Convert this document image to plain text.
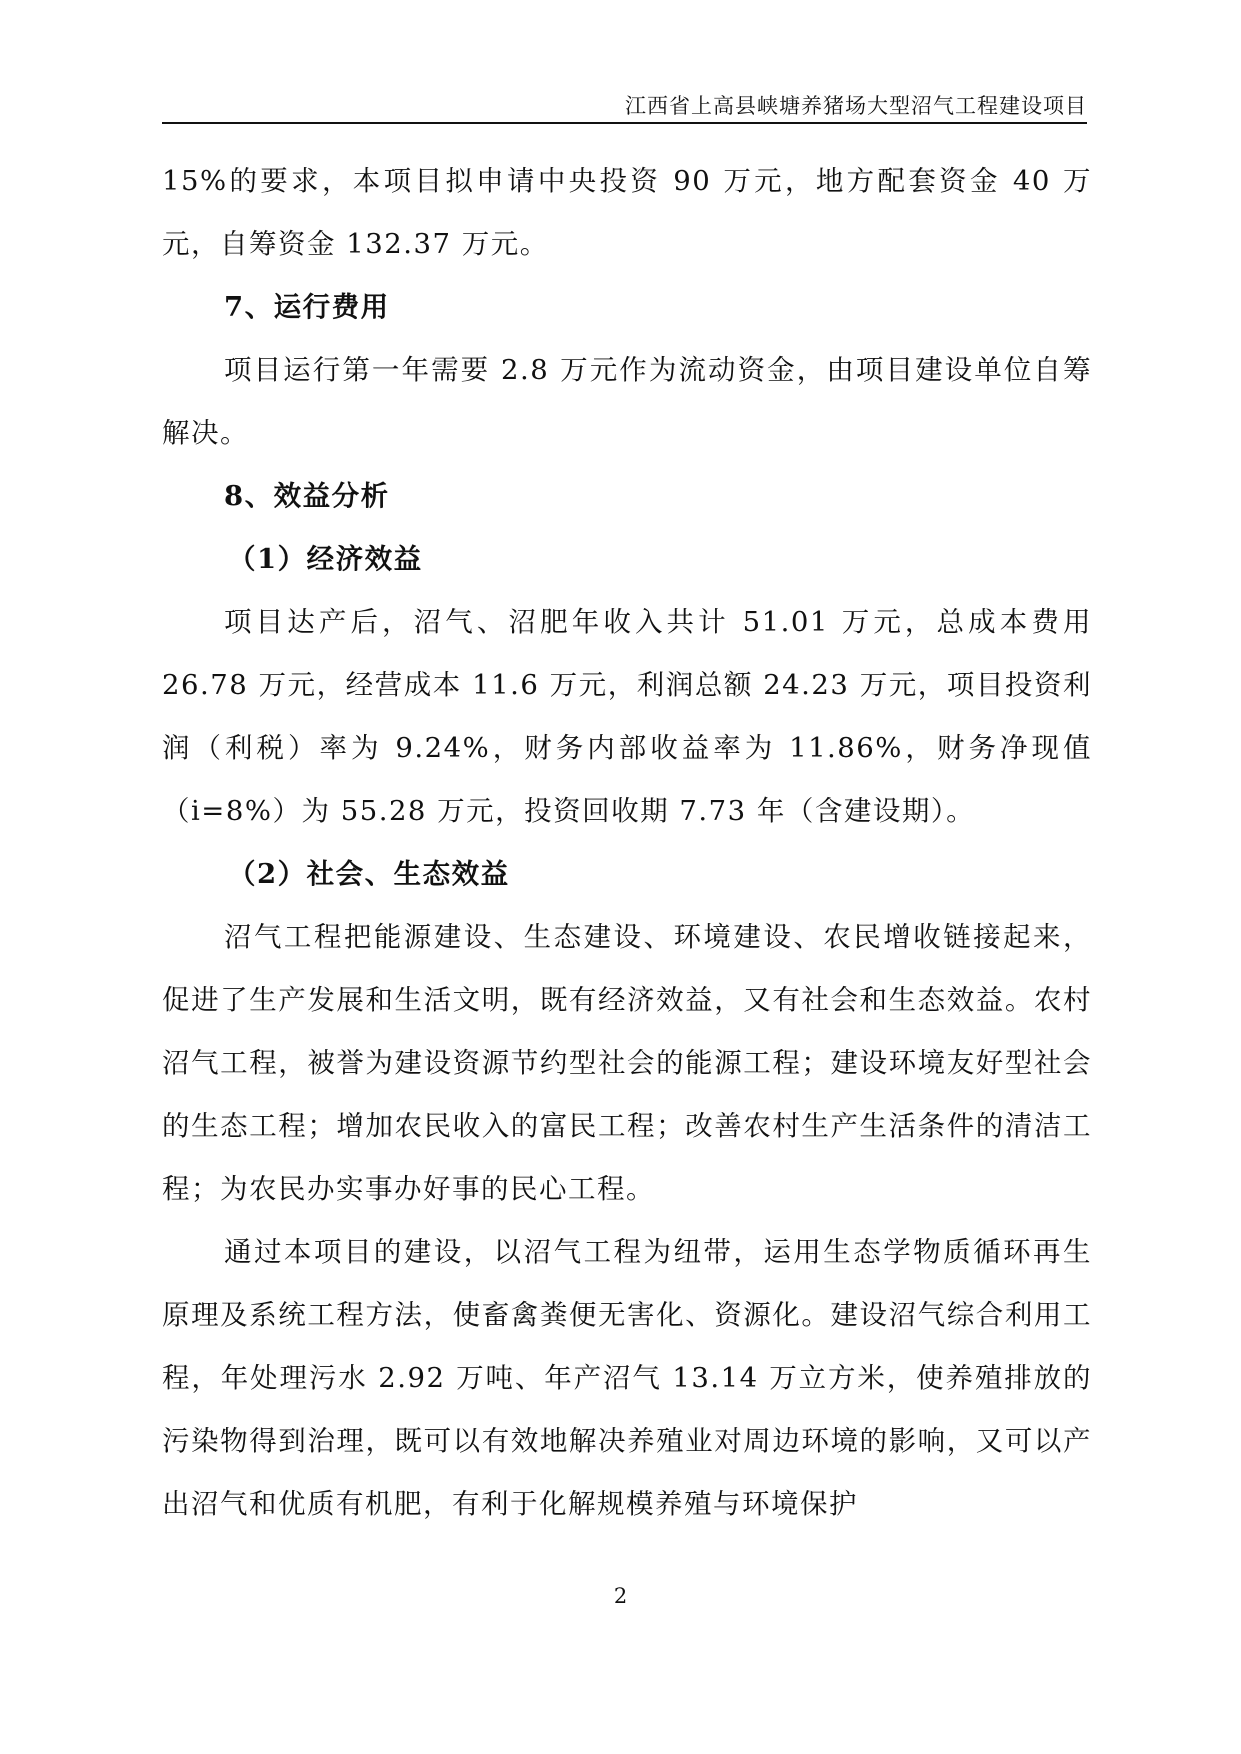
江西省上高县峡塘养猪场大型沼气工程建设项目

15%的要求，本项目拟申请中央投资 90 万元，地方配套资金 40 万元，自筹资金 132.37 万元。

7、运行费用

项目运行第一年需要 2.8 万元作为流动资金，由项目建设单位自筹解决。

8、效益分析

（1）经济效益

项目达产后，沼气、沼肥年收入共计 51.01 万元，总成本费用 26.78 万元，经营成本 11.6 万元，利润总额 24.23 万元，项目投资利润（利税）率为 9.24%，财务内部收益率为 11.86%，财务净现值（i=8%）为 55.28 万元，投资回收期 7.73 年（含建设期）。

（2）社会、生态效益

沼气工程把能源建设、生态建设、环境建设、农民增收链接起来，促进了生产发展和生活文明，既有经济效益，又有社会和生态效益。农村沼气工程，被誉为建设资源节约型社会的能源工程；建设环境友好型社会的生态工程；增加农民收入的富民工程；改善农村生产生活条件的清洁工程；为农民办实事办好事的民心工程。

通过本项目的建设，以沼气工程为纽带，运用生态学物质循环再生原理及系统工程方法，使畜禽粪便无害化、资源化。建设沼气综合利用工程，年处理污水 2.92 万吨、年产沼气 13.14 万立方米，使养殖排放的污染物得到治理，既可以有效地解决养殖业对周边环境的影响，又可以产出沼气和优质有机肥，有利于化解规模养殖与环境保护

2
